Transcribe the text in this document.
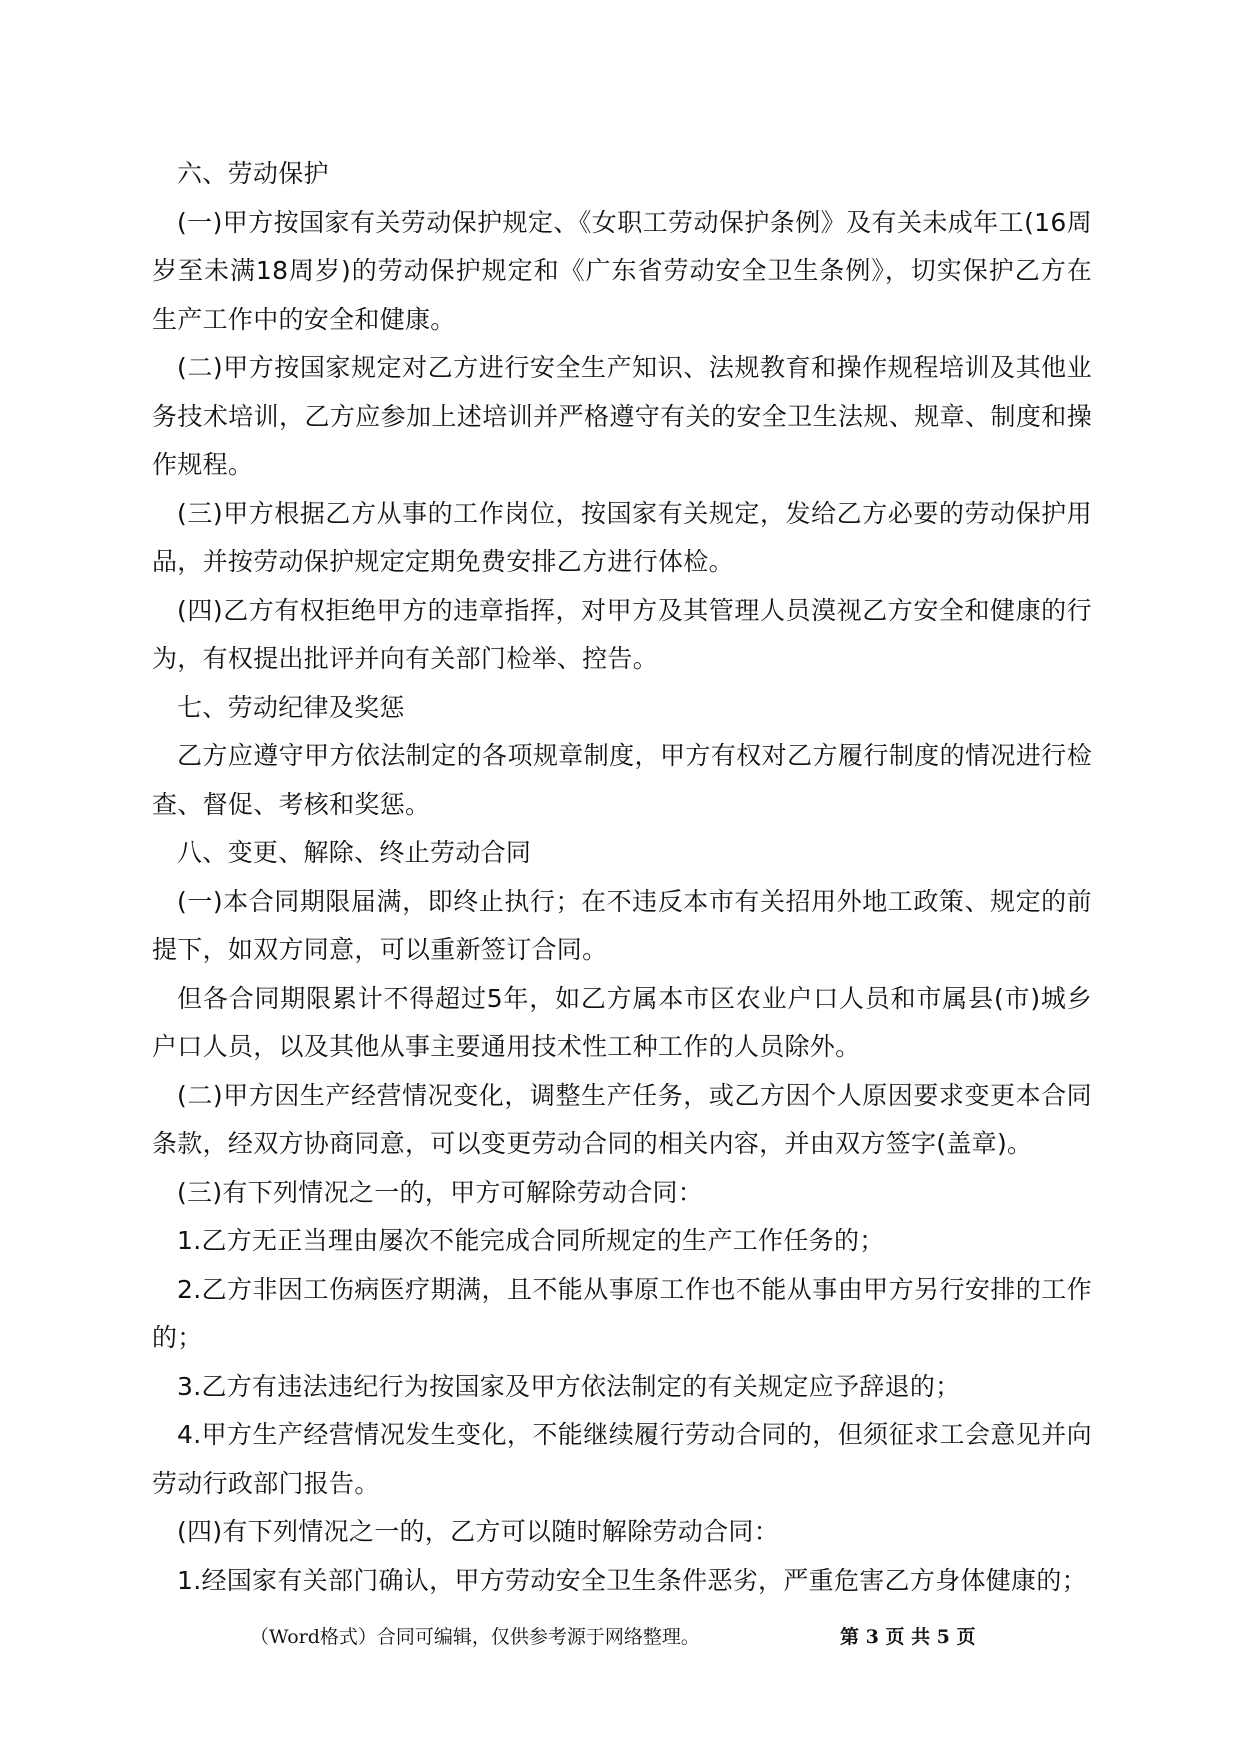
六、劳动保护

(一)甲方按国家有关劳动保护规定、《女职工劳动保护条例》及有关未成年工(16周岁至未满18周岁)的劳动保护规定和《广东省劳动安全卫生条例》，切实保护乙方在生产工作中的安全和健康。

(二)甲方按国家规定对乙方进行安全生产知识、法规教育和操作规程培训及其他业务技术培训，乙方应参加上述培训并严格遵守有关的安全卫生法规、规章、制度和操作规程。

(三)甲方根据乙方从事的工作岗位，按国家有关规定，发给乙方必要的劳动保护用品，并按劳动保护规定定期免费安排乙方进行体检。

(四)乙方有权拒绝甲方的违章指挥，对甲方及其管理人员漠视乙方安全和健康的行为，有权提出批评并向有关部门检举、控告。

七、劳动纪律及奖惩

乙方应遵守甲方依法制定的各项规章制度，甲方有权对乙方履行制度的情况进行检查、督促、考核和奖惩。

八、变更、解除、终止劳动合同

(一)本合同期限届满，即终止执行；在不违反本市有关招用外地工政策、规定的前提下，如双方同意，可以重新签订合同。

但各合同期限累计不得超过5年，如乙方属本市区农业户口人员和市属县(市)城乡户口人员，以及其他从事主要通用技术性工种工作的人员除外。

(二)甲方因生产经营情况变化，调整生产任务，或乙方因个人原因要求变更本合同条款，经双方协商同意，可以变更劳动合同的相关内容，并由双方签字(盖章)。

(三)有下列情况之一的，甲方可解除劳动合同：

1.乙方无正当理由屡次不能完成合同所规定的生产工作任务的；

2.乙方非因工伤病医疗期满，且不能从事原工作也不能从事由甲方另行安排的工作的；

3.乙方有违法违纪行为按国家及甲方依法制定的有关规定应予辞退的；

4.甲方生产经营情况发生变化，不能继续履行劳动合同的，但须征求工会意见并向劳动行政部门报告。

(四)有下列情况之一的，乙方可以随时解除劳动合同：

1.经国家有关部门确认，甲方劳动安全卫生条件恶劣，严重危害乙方身体健康的；

（Word格式）合同可编辑，仅供参考源于网络整理。	第 3 页 共 5 页
